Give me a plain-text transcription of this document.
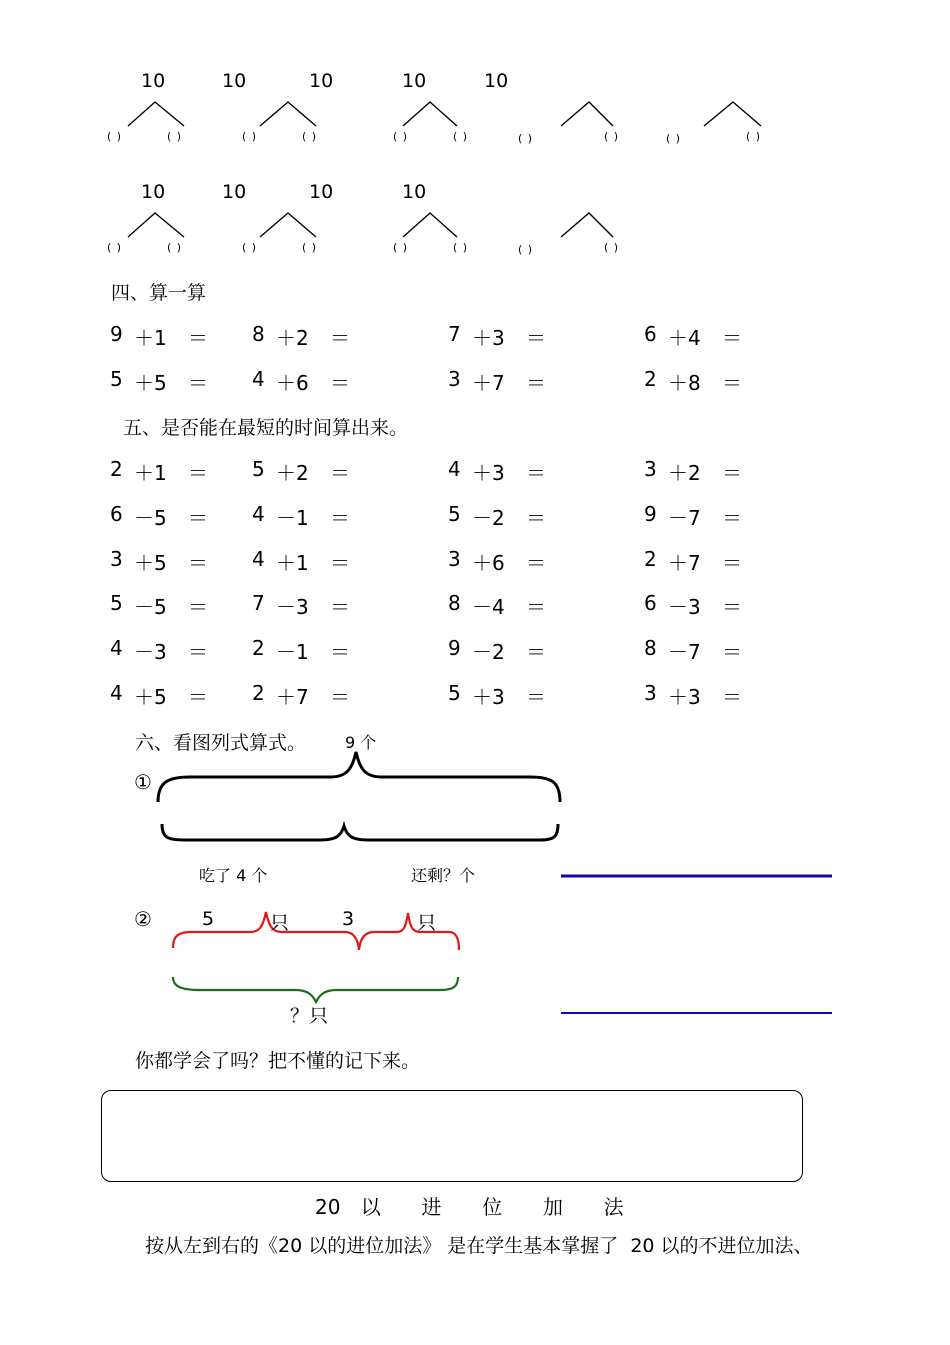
10	10	10	10	10
( )	( )	( )	( )	( )	( )	( )	( )	( )	( )
10	10	10	10
( )	( )	( )	( )	( )	( )	( )	( )
四、算一算
9 ＋1 ＝ 8 ＋2 ＝	7 ＋3 ＝	6 ＋4 ＝
5 ＋5 ＝ 4 ＋6 ＝	3 ＋7 ＝	2 ＋8 ＝
五、是否能在最短的时间算出来。
2 ＋1 ＝ 5 ＋2 ＝	4 ＋3 ＝	3 ＋2 ＝
6 －5 ＝ 4 －1 ＝	5 －2 ＝	9 －7 ＝
3 ＋5 ＝ 4 ＋1 ＝	3 ＋6 ＝	2 ＋7 ＝
5 －5 ＝ 7 －3 ＝	8 －4 ＝	6 －3 ＝
4 －3 ＝ 2 －1 ＝	9 －2 ＝	8 －7 ＝
4 ＋5 ＝ 2 ＋7 ＝	5 ＋3 ＝	3 ＋3 ＝
六、看图列式算式。 9 个
①
吃了 4 个	还剩？个
②	5	只	3	只
？只
你都学会了吗？把不懂的记下来。
20 以  进  位  加  法
按从左到右的《20 以的进位加法》 是在学生基本掌握了  20 以的不进位加法、
